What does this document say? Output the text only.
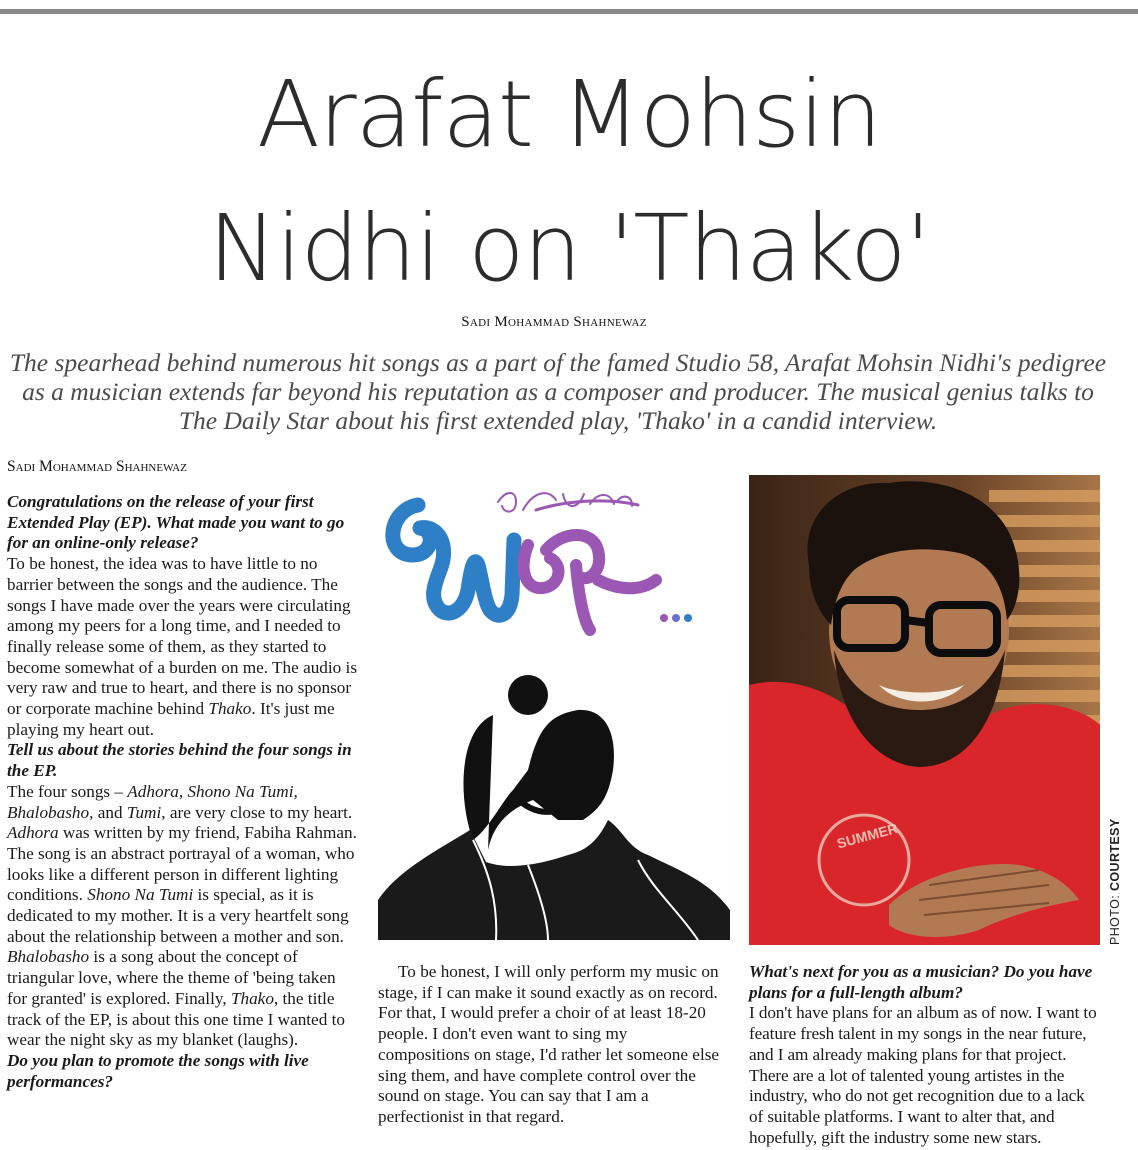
Arafat Mohsin
Nidhi on 'Thako'
Sadi Mohammad Shahnewaz

The spearhead behind numerous hit songs as a part of the famed Studio 58, Arafat Mohsin Nidhi's pedigree as a musician extends far beyond his reputation as a composer and producer. The musical genius talks to The Daily Star about his first extended play, 'Thako' in a candid interview.

Sadi Mohammad Shahnewaz

Congratulations on the release of your first Extended Play (EP). What made you want to go for an online-only release?

To be honest, the idea was to have little to no barrier between the songs and the audience. The songs I have made over the years were circulating among my peers for a long time, and I needed to finally release some of them, as they started to become somewhat of a burden on me. The audio is very raw and true to heart, and there is no sponsor or corporate machine behind Thako. It's just me playing my heart out.

Tell us about the stories behind the four songs in the EP.

The four songs – Adhora, Shono Na Tumi, Bhalobasho, and Tumi, are very close to my heart. Adhora was written by my friend, Fabiha Rahman. The song is an abstract portrayal of a woman, who looks like a different person in different lighting conditions. Shono Na Tumi is special, as it is dedicated to my mother. It is a very heartfelt song about the relationship between a mother and son. Bhalobasho is a song about the concept of triangular love, where the theme of 'being taken for granted' is explored. Finally, Thako, the title track of the EP, is about this one time I wanted to wear the night sky as my blanket (laughs).

Do you plan to promote the songs with live performances?

Arafat Mohsin
SUMMER
PHOTO: COURTESY

To be honest, I will only perform my music on stage, if I can make it sound exactly as on record. For that, I would prefer a choir of at least 18-20 people. I don't even want to sing my compositions on stage, I'd rather let someone else sing them, and have complete control over the sound on stage. You can say that I am a perfectionist in that regard.

What's next for you as a musician? Do you have plans for a full-length album?

I don't have plans for an album as of now. I want to feature fresh talent in my songs in the near future, and I am already making plans for that project. There are a lot of talented young artistes in the industry, who do not get recognition due to a lack of suitable platforms. I want to alter that, and hopefully, gift the industry some new stars.
